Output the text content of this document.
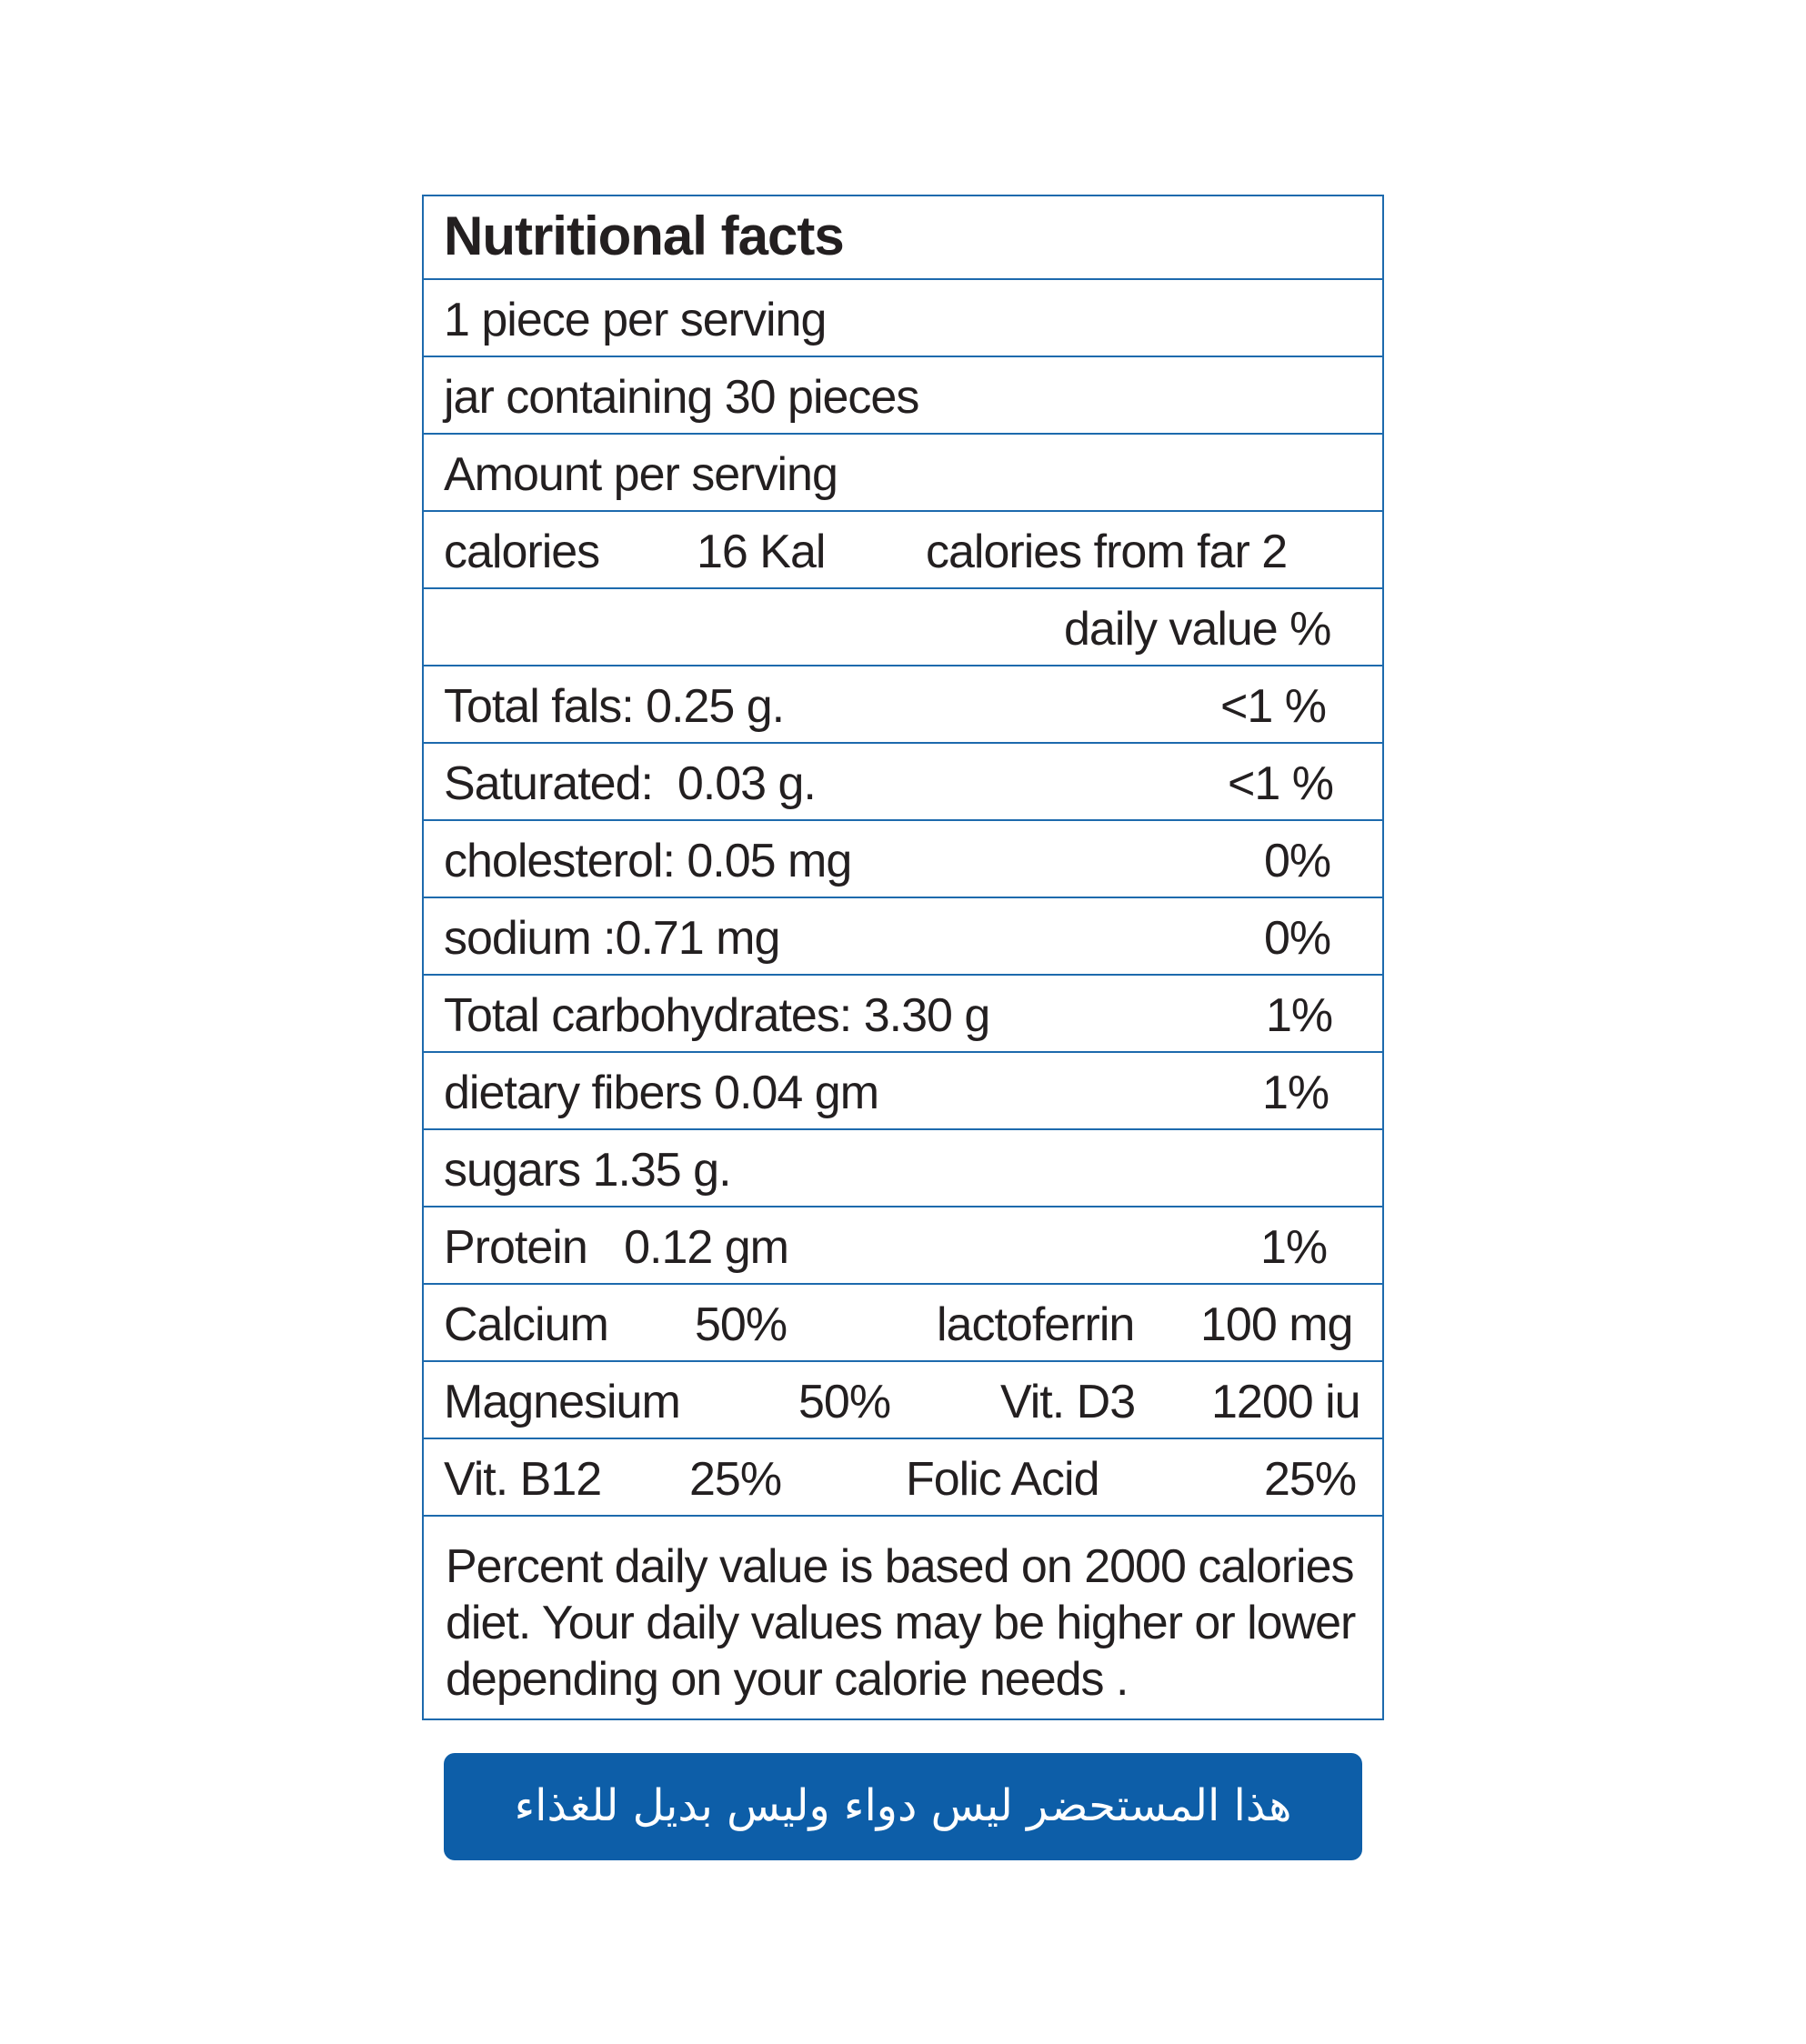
Nutritional facts
1 piece per serving
jar containing 30 pieces
Amount per serving
calories 16 Kal calories from far 2
daily value %
Total fals: 0.25 g.	<1 %
Saturated:  0.03 g.	<1 %
cholesterol: 0.05 mg	0%
sodium :0.71 mg	0%
Total carbohydrates: 3.30 g	1%
dietary fibers 0.04 gm	1%
sugars 1.35 g.
Protein   0.12 gm	1%
Calcium 50%	lactoferrin 100 mg
Magnesium	50% Vit. D3 1200 iu
Vit. B12 25%	Folic Acid	25%
Percent daily value is based on 2000 calories diet. Your daily values may be higher or lower depending on your calorie needs .
هذا المستحضر ليس دواء وليس بديل للغذاء
